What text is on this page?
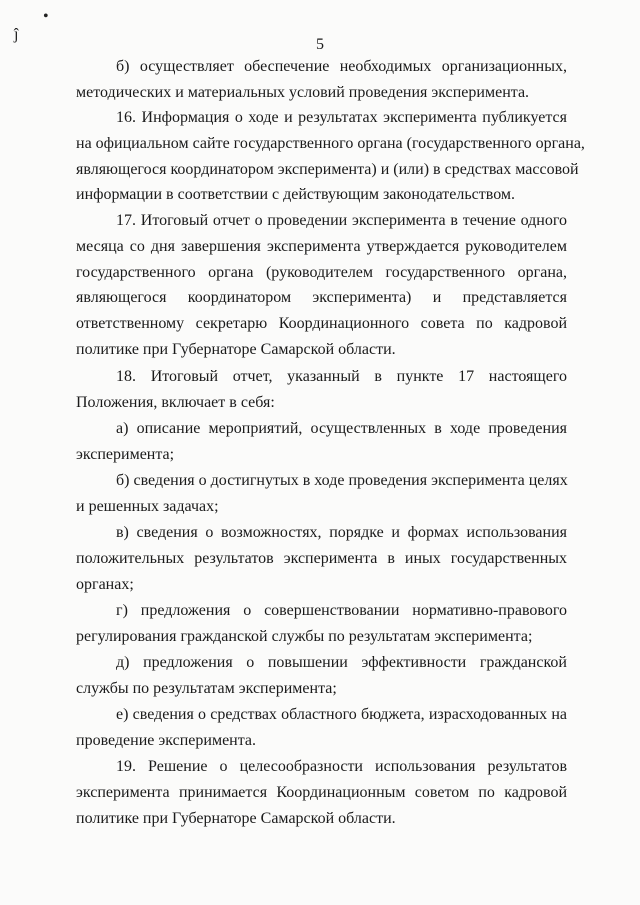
•
ĵ
5
б) осуществляет обеспечение необходимых организационных,
методических и материальных условий проведения эксперимента.
16. Информация о ходе и результатах эксперимента публикуется
на официальном сайте государственного органа (государственного органа,
являющегося координатором эксперимента) и (или) в средствах массовой
информации в соответствии с действующим законодательством.
17. Итоговый отчет о проведении эксперимента в течение одного
месяца со дня завершения эксперимента утверждается руководителем
государственного органа (руководителем государственного органа,
являющегося координатором эксперимента) и представляется
ответственному секретарю Координационного совета по кадровой
политике при Губернаторе Самарской области.
18. Итоговый отчет, указанный в пункте 17 настоящего
Положения, включает в себя:
а) описание мероприятий, осуществленных в ходе проведения
эксперимента;
б) сведения о достигнутых в ходе проведения эксперимента целях
и решенных задачах;
в) сведения о возможностях, порядке и формах использования
положительных результатов эксперимента в иных государственных
органах;
г) предложения о совершенствовании нормативно-правового
регулирования гражданской службы по результатам эксперимента;
д) предложения о повышении эффективности гражданской
службы по результатам эксперимента;
е) сведения о средствах областного бюджета, израсходованных на
проведение эксперимента.
19. Решение о целесообразности использования результатов
эксперимента принимается Координационным советом по кадровой
политике при Губернаторе Самарской области.
